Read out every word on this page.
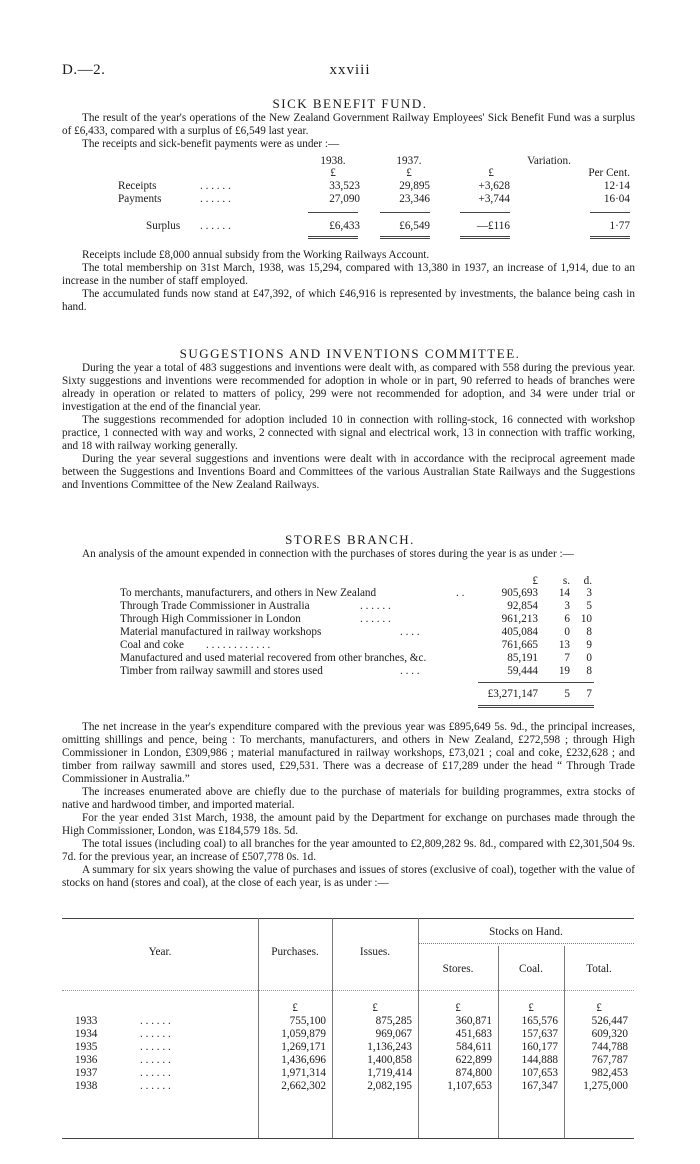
D.—2.	xxviii
SICK BENEFIT FUND.

The result of the year's operations of the New Zealand Government Railway Employees' Sick Benefit Fund was a surplus of £6,433, compared with a surplus of £6,549 last year.

The receipts and sick-benefit payments were as under :—

1938.	1937.	Variation.
£	£	£	Per Cent.
Receipts	. . . . . .	33,523	29,895	+3,628	12·14
Payments	. . . . . .	27,090	23,346	+3,744	16·04
Surplus . . . . . .	£6,433	£6,549	—£116	1·77

Receipts include £8,000 annual subsidy from the Working Railways Account.

The total membership on 31st March, 1938, was 15,294, compared with 13,380 in 1937, an increase of 1,914, due to an increase in the number of staff employed.

The accumulated funds now stand at £47,392, of which £46,916 is represented by investments, the balance being cash in hand.

SUGGESTIONS AND INVENTIONS COMMITTEE.

During the year a total of 483 suggestions and inventions were dealt with, as compared with 558 during the previous year. Sixty suggestions and inventions were recommended for adoption in whole or in part, 90 referred to heads of branches were already in operation or related to matters of policy, 299 were not recommended for adoption, and 34 were under trial or investigation at the end of the financial year.

The suggestions recommended for adoption included 10 in connection with rolling-stock, 16 connected with workshop practice, 1 connected with way and works, 2 connected with signal and electrical work, 13 in connection with traffic working, and 18 with railway working generally.

During the year several suggestions and inventions were dealt with in accordance with the reciprocal agreement made between the Suggestions and Inventions Board and Committees of the various Australian State Railways and the Suggestions and Inventions Committee of the New Zealand Railways.

STORES BRANCH.

An analysis of the amount expended in connection with the purchases of stores during the year is as under :—

£	s.	d.
To merchants, manufacturers, and others in New Zealand	. .	905,693	14	3
Through Trade Commissioner in Australia	. . . . . .	92,854	3	5
Through High Commissioner in London	. . . . . .	961,213	6 10
Material manufactured in railway workshops	. . . .	405,084	0	8
Coal and coke . . . . . . . . . . . .	761,665	13	9
Manufactured and used material recovered from other branches, &c.	85,191	7	0
Timber from railway sawmill and stores used	. . . .	59,444	19	8
£3,271,147	5	7

The net increase in the year's expenditure compared with the previous year was £895,649 5s. 9d., the principal increases, omitting shillings and pence, being : To merchants, manufacturers, and others in New Zealand, £272,598 ; through High Commissioner in London, £309,986 ; material manufactured in railway workshops, £73,021 ; coal and coke, £232,628 ; and timber from railway sawmill and stores used, £29,531. There was a decrease of £17,289 under the head “ Through Trade Commissioner in Australia.”

The increases enumerated above are chiefly due to the purchase of materials for building programmes, extra stocks of native and hardwood timber, and imported material.

For the year ended 31st March, 1938, the amount paid by the Department for exchange on purchases made through the High Commissioner, London, was £184,579 18s. 5d.

The total issues (including coal) to all branches for the year amounted to £2,809,282 9s. 8d., compared with £2,301,504 9s. 7d. for the previous year, an increase of £507,778 0s. 1d.

A summary for six years showing the value of purchases and issues of stores (exclusive of coal), together with the value of stocks on hand (stores and coal), at the close of each year, is as under :—

Year.	Purchases.	Issues.
Stocks on Hand.
Stores.	Coal.	Total.
£	£	£	£	£
1933	755,100	875,285	360,871	165,576	526,447
. . . . . .
1934	1,059,879	969,067	451,683	157,637	609,320
. . . . . .
1935	1,269,171	1,136,243	584,611	160,177	744,788
. . . . . .
1936	1,436,696	1,400,858	622,899	144,888	767,787
. . . . . .
1937	1,971,314	1,719,414	874,800	107,653	982,453
. . . . . .
1938	2,662,302	2,082,195	1,107,653	167,347	1,275,000
. . . . . .
